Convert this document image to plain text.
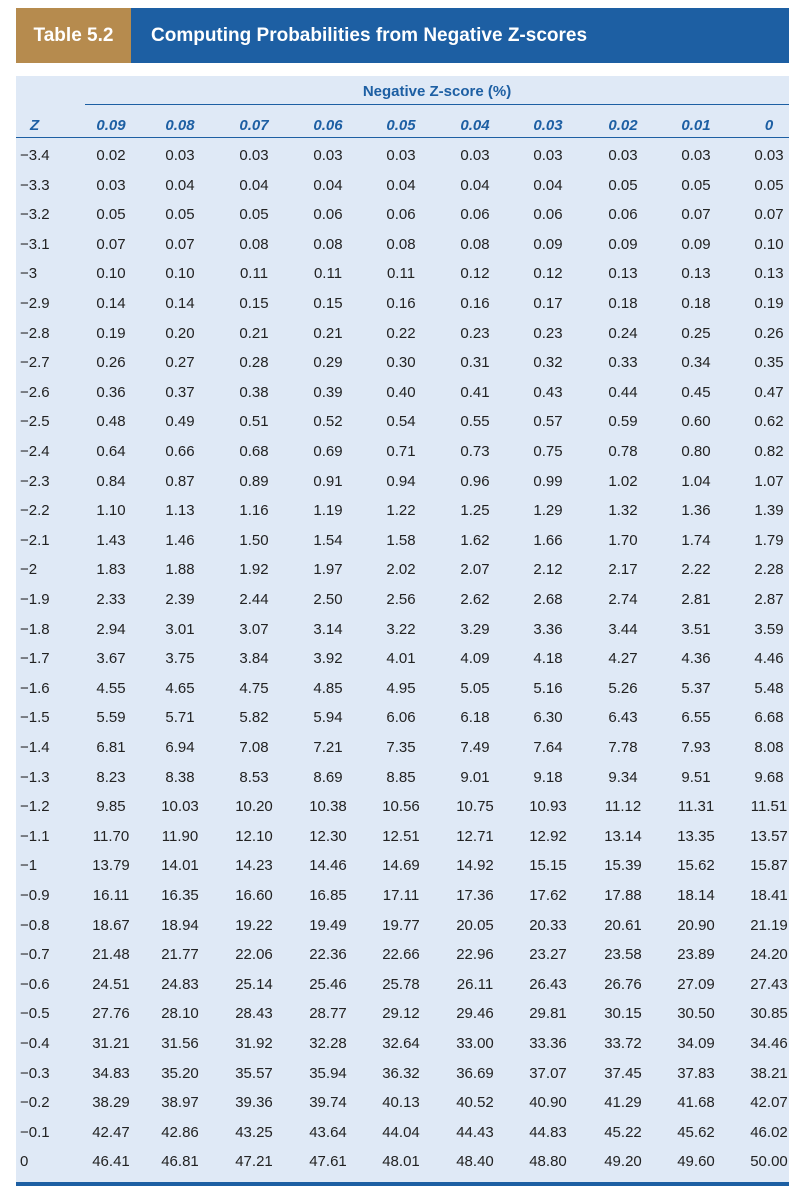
Table 5.2	Computing Probabilities from Negative Z-scores
Negative Z-score (%)
Z	0.09	0.08	0.07	0.06	0.05	0.04	0.03	0.02	0.01	0
−3.4	0.02	0.03	0.03	0.03	0.03	0.03	0.03	0.03	0.03	0.03
−3.3	0.03	0.04	0.04	0.04	0.04	0.04	0.04	0.05	0.05	0.05
−3.2	0.05	0.05	0.05	0.06	0.06	0.06	0.06	0.06	0.07	0.07
−3.1	0.07	0.07	0.08	0.08	0.08	0.08	0.09	0.09	0.09	0.10
−3	0.10	0.10	0.11	0.11	0.11	0.12	0.12	0.13	0.13	0.13
−2.9	0.14	0.14	0.15	0.15	0.16	0.16	0.17	0.18	0.18	0.19
−2.8	0.19	0.20	0.21	0.21	0.22	0.23	0.23	0.24	0.25	0.26
−2.7	0.26	0.27	0.28	0.29	0.30	0.31	0.32	0.33	0.34	0.35
−2.6	0.36	0.37	0.38	0.39	0.40	0.41	0.43	0.44	0.45	0.47
−2.5	0.48	0.49	0.51	0.52	0.54	0.55	0.57	0.59	0.60	0.62
−2.4	0.64	0.66	0.68	0.69	0.71	0.73	0.75	0.78	0.80	0.82
−2.3	0.84	0.87	0.89	0.91	0.94	0.96	0.99	1.02	1.04	1.07
−2.2	1.10	1.13	1.16	1.19	1.22	1.25	1.29	1.32	1.36	1.39
−2.1	1.43	1.46	1.50	1.54	1.58	1.62	1.66	1.70	1.74	1.79
−2	1.83	1.88	1.92	1.97	2.02	2.07	2.12	2.17	2.22	2.28
−1.9	2.33	2.39	2.44	2.50	2.56	2.62	2.68	2.74	2.81	2.87
−1.8	2.94	3.01	3.07	3.14	3.22	3.29	3.36	3.44	3.51	3.59
−1.7	3.67	3.75	3.84	3.92	4.01	4.09	4.18	4.27	4.36	4.46
−1.6	4.55	4.65	4.75	4.85	4.95	5.05	5.16	5.26	5.37	5.48
−1.5	5.59	5.71	5.82	5.94	6.06	6.18	6.30	6.43	6.55	6.68
−1.4	6.81	6.94	7.08	7.21	7.35	7.49	7.64	7.78	7.93	8.08
−1.3	8.23	8.38	8.53	8.69	8.85	9.01	9.18	9.34	9.51	9.68
−1.2	9.85	10.03	10.20	10.38	10.56	10.75	10.93	11.12	11.31	11.51
−1.1	11.70	11.90	12.10	12.30	12.51	12.71	12.92	13.14	13.35	13.57
−1	13.79	14.01	14.23	14.46	14.69	14.92	15.15	15.39	15.62	15.87
−0.9	16.11	16.35	16.60	16.85	17.11	17.36	17.62	17.88	18.14	18.41
−0.8	18.67	18.94	19.22	19.49	19.77	20.05	20.33	20.61	20.90	21.19
−0.7	21.48	21.77	22.06	22.36	22.66	22.96	23.27	23.58	23.89	24.20
−0.6	24.51	24.83	25.14	25.46	25.78	26.11	26.43	26.76	27.09	27.43
−0.5	27.76	28.10	28.43	28.77	29.12	29.46	29.81	30.15	30.50	30.85
−0.4	31.21	31.56	31.92	32.28	32.64	33.00	33.36	33.72	34.09	34.46
−0.3	34.83	35.20	35.57	35.94	36.32	36.69	37.07	37.45	37.83	38.21
−0.2	38.29	38.97	39.36	39.74	40.13	40.52	40.90	41.29	41.68	42.07
−0.1	42.47	42.86	43.25	43.64	44.04	44.43	44.83	45.22	45.62	46.02
0	46.41	46.81	47.21	47.61	48.01	48.40	48.80	49.20	49.60	50.00
